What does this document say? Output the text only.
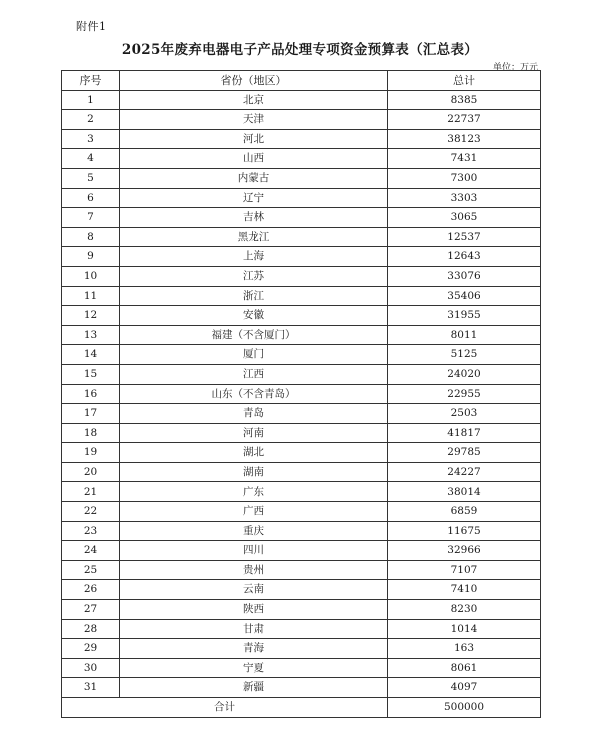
附件1
2025年废弃电器电子产品处理专项资金预算表（汇总表）
单位：万元
序号	省份（地区）	总计
1	北京	8385
2	天津	22737
3	河北	38123
4	山西	7431
5	内蒙古	7300
6	辽宁	3303
7	吉林	3065
8	黑龙江	12537
9	上海	12643
10	江苏	33076
11	浙江	35406
12	安徽	31955
13	福建（不含厦门）	8011
14	厦门	5125
15	江西	24020
16	山东（不含青岛）	22955
17	青岛	2503
18	河南	41817
19	湖北	29785
20	湖南	24227
21	广东	38014
22	广西	6859
23	重庆	11675
24	四川	32966
25	贵州	7107
26	云南	7410
27	陕西	8230
28	甘肃	1014
29	青海	163
30	宁夏	8061
31	新疆	4097
合计		500000
